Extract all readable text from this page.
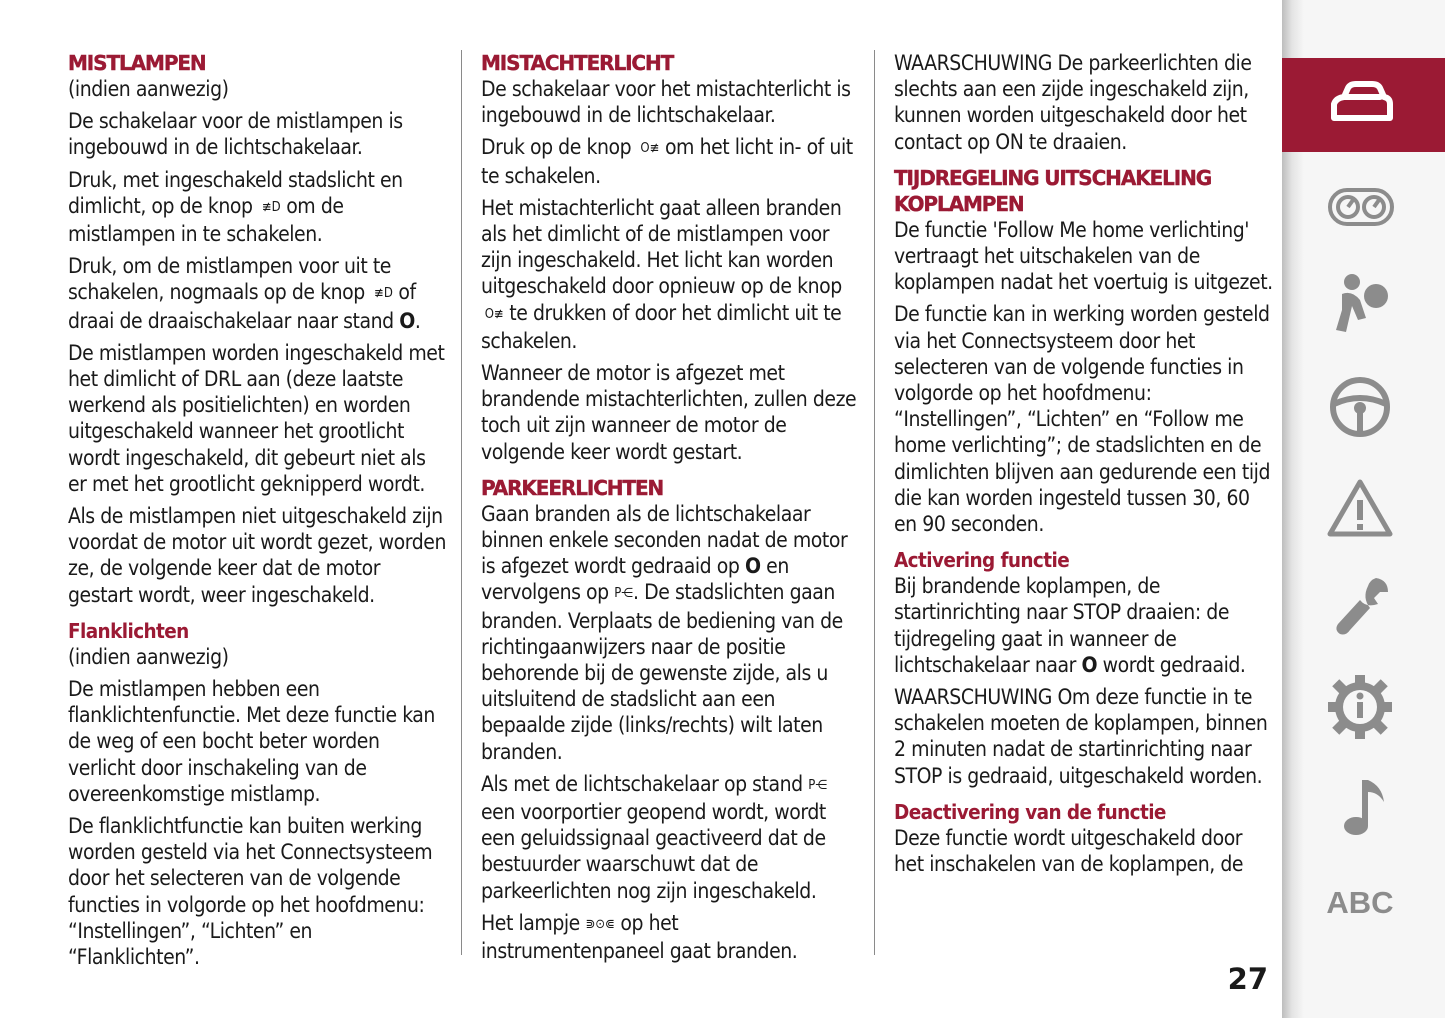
MISTLAMPEN

(indien aanwezig)

De schakelaar voor de mistlampen is ingebouwd in de lichtschakelaar.

Druk, met ingeschakeld stadslicht en dimlicht, op de knop  ≢D om de mistlampen in te schakelen.

Druk, om de mistlampen voor uit te schakelen, nogmaals op de knop  ≢D of draai de draaischakelaar naar stand O.

De mistlampen worden ingeschakeld met het dimlicht of DRL aan (deze laatste werkend als positielichten) en worden uitgeschakeld wanneer het grootlicht wordt ingeschakeld, dit gebeurt niet als er met het grootlicht geknipperd wordt.

Als de mistlampen niet uitgeschakeld zijn voordat de motor uit wordt gezet, worden ze, de volgende keer dat de motor gestart wordt, weer ingeschakeld.

Flanklichten

(indien aanwezig)

De mistlampen hebben een flanklichtenfunctie. Met deze functie kan de weg of een bocht beter worden verlicht door inschakeling van de overeenkomstige mistlamp.

De flanklichtfunctie kan buiten werking worden gesteld via het Connectsysteem door het selecteren van de volgende functies in volgorde op het hoofdmenu: “Instellingen”, “Lichten” en “Flanklichten”.

MISTACHTERLICHT

De schakelaar voor het mistachterlicht is ingebouwd in de lichtschakelaar.

Druk op de knop  O≢ om het licht in- of uit te schakelen.

Het mistachterlicht gaat alleen branden als het dimlicht of de mistlampen voor zijn ingeschakeld. Het licht kan worden uitgeschakeld door opnieuw op de knop  O≢ te drukken of door het dimlicht uit te schakelen.

Wanneer de motor is afgezet met brandende mistachterlichten, zullen deze toch uit zijn wanneer de motor de volgende keer wordt gestart.

PARKEERLICHTEN

Gaan branden als de lichtschakelaar binnen enkele seconden nadat de motor is afgezet wordt gedraaid op O en vervolgens op P⋲. De stadslichten gaan branden. Verplaats de bediening van de richtingaanwijzers naar de positie behorende bij de gewenste zijde, als u uitsluitend de stadslicht aan een bepaalde zijde (links/rechts) wilt laten branden.

Als met de lichtschakelaar op stand P⋲ een voorportier geopend wordt, wordt een geluidssignaal geactiveerd dat de bestuurder waarschuwt dat de parkeerlichten nog zijn ingeschakeld.

Het lampje ⋑⊙⋐ op het instrumentenpaneel gaat branden.

WAARSCHUWING De parkeerlichten die slechts aan een zijde ingeschakeld zijn, kunnen worden uitgeschakeld door het contact op ON te draaien.

TIJDREGELING UITSCHAKELING KOPLAMPEN

De functie 'Follow Me home verlichting' vertraagt het uitschakelen van de koplampen nadat het voertuig is uitgezet.

De functie kan in werking worden gesteld via het Connectsysteem door het selecteren van de volgende functies in volgorde op het hoofdmenu: “Instellingen”, “Lichten” en “Follow me home verlichting”; de stadslichten en de dimlichten blijven aan gedurende een tijd die kan worden ingesteld tussen 30, 60 en 90 seconden.

Activering functie

Bij brandende koplampen, de startinrichting naar STOP draaien: de tijdregeling gaat in wanneer de lichtschakelaar naar O wordt gedraaid.

WAARSCHUWING Om deze functie in te schakelen moeten de koplampen, binnen 2 minuten nadat de startinrichting naar STOP is gedraaid, uitgeschakeld worden.

Deactivering van de functie

Deze functie wordt uitgeschakeld door het inschakelen van de koplampen, de

ABC
27
